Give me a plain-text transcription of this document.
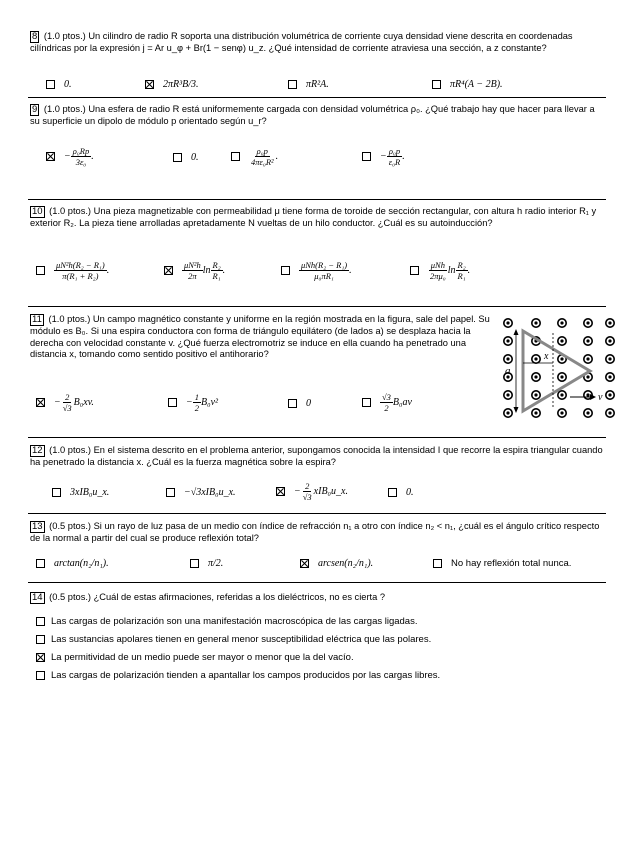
8 (1.0 ptos.) Un cilindro de radio R soporta una distribución volumétrica de corriente cuya densidad viene descrita en coordenadas cilíndricas por la expresión j = Ar u_φ + Br(1 − senφ) u_z. ¿Qué intensidad de corriente atraviesa una sección, a z constante?
0.	2πR³B/3.	πR²A.	πR⁴(A − 2B).
9 (1.0 ptos.) Una esfera de radio R está uniformemente cargada con densidad volumétrica ρ₀. ¿Qué trabajo hay que hacer para llevar a su superficie un dipolo de módulo p orientado según u_r?
− $\frac{\text{ρ₀Rp}}{\text{3ε₀}}$ .	0.	$\frac{\text{ρ₀p}}{\text{4πε₀R²}}$ .	− $\frac{\text{ρ₀p}}{\text{ε₀R}}$ .
10 (1.0 ptos.) Una pieza magnetizable con permeabilidad μ tiene forma de toroide de sección rectangular, con altura h radio interior R₁ y exterior R₂. La pieza tiene arrolladas apretadamente N vueltas de un hilo conductor. ¿Cuál es su autoinducción?
$\frac{\text{μN²h(R₂ − R₁)}}{\text{π(R₁ + R₂)}}$ .	$\frac{\text{μN²h}}{2\pi}$ $\ln \frac{\text{R₂}}{\text{R₁}}$ .	$\frac{\text{μNh(R₂ − R₁)}}{\text{μ₀πR₁}}$ .	$\frac{\text{μNh}}{\text{2πμ₀}}$ $\ln \frac{\text{R₂}}{\text{R₁}}$ .
11 (1.0 ptos.) Un campo magnético constante y uniforme en la región mostrada en la figura, sale del papel. Su módulo es B₀. Si una espira conductora con forma de triángulo equilátero (de lados a) se desplaza hacia la derecha con velocidad constante v. ¿Qué fuerza electromotriz se induce en ella cuando ha penetrado una distancia x, tomando como sentido positivo el antihorario?
− $\frac{2}{√3} B_0xv$.	− $\frac{1}{2} B_0v^2$	0	$\frac{√3}{2} B_0av$
a
x
v
12 (1.0 ptos.) En el sistema descrito en el problema anterior, supongamos conocida la intensidad I que recorre la espira triangular cuando ha penetrado la distancia x. ¿Cuál es la fuerza magnética sobre la espira?
3xIB₀u_x.	−√3xIB₀u_x.	− $\frac{2}{√3}$ xIB₀u_x.	0.
13 (0.5 ptos.) Si un rayo de luz pasa de un medio con índice de refracción n₁ a otro con índice n₂ < n₁, ¿cuál es el ángulo crítico respecto de la normal a partir del cual se produce reflexión total?
arctan(n₂/n₁).	π/2.	arcsen(n₂/n₁).	No hay reflexión total nunca.
14 (0.5 ptos.) ¿Cuál de estas afirmaciones, referidas a los dieléctricos, no es cierta ?
Las cargas de polarización son una manifestación macroscópica de las cargas ligadas.
Las sustancias apolares tienen en general menor susceptibilidad eléctrica que las polares.
La permitividad de un medio puede ser mayor o menor que la del vacío.
Las cargas de polarización tienden a apantallar los campos producidos por las cargas libres.
